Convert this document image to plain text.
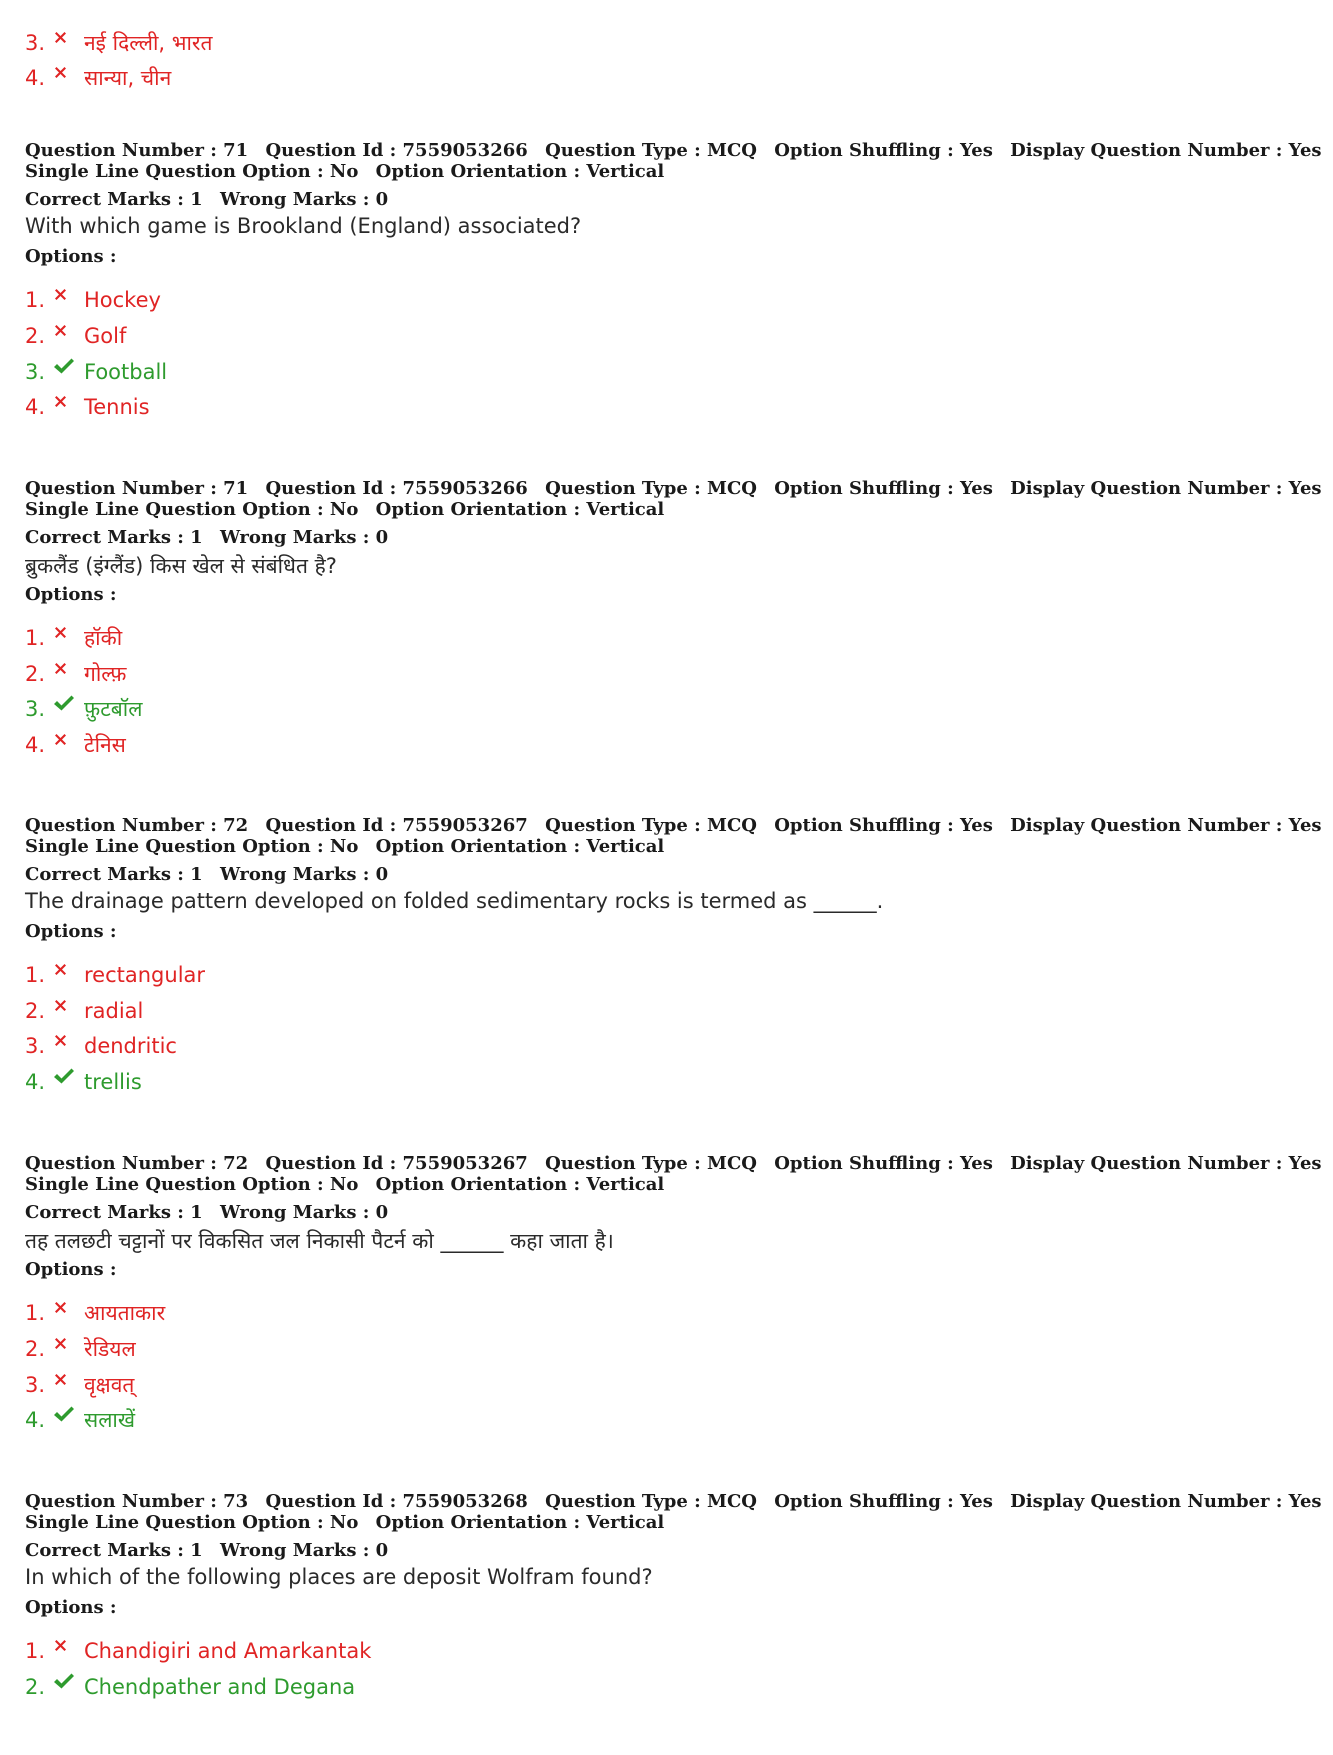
3.	नई दिल्ली, भारत
4.	सान्या, चीन
Question Number : 71 Question Id : 7559053266 Question Type : MCQ Option Shuffling : Yes Display Question Number : Yes
Single Line Question Option : No Option Orientation : Vertical
Correct Marks : 1 Wrong Marks : 0
With which game is Brookland (England) associated?
Options :
1.	Hockey
2.	Golf
3.	Football
4.	Tennis
Question Number : 71 Question Id : 7559053266 Question Type : MCQ Option Shuffling : Yes Display Question Number : Yes
Single Line Question Option : No Option Orientation : Vertical
Correct Marks : 1 Wrong Marks : 0
ब्रुकलैंड (इंग्लैंड) किस खेल से संबंधित है?
Options :
1.	हॉकी
2.	गोल्फ़
3.	फ़ुटबॉल
4.	टेनिस
Question Number : 72 Question Id : 7559053267 Question Type : MCQ Option Shuffling : Yes Display Question Number : Yes
Single Line Question Option : No Option Orientation : Vertical
Correct Marks : 1 Wrong Marks : 0
The drainage pattern developed on folded sedimentary rocks is termed as ______.
Options :
1.	rectangular
2.	radial
3.	dendritic
4.	trellis
Question Number : 72 Question Id : 7559053267 Question Type : MCQ Option Shuffling : Yes Display Question Number : Yes
Single Line Question Option : No Option Orientation : Vertical
Correct Marks : 1 Wrong Marks : 0
तह तलछटी चट्टानों पर विकसित जल निकासी पैटर्न को ______ कहा जाता है।
Options :
1.	आयताकार
2.	रेडियल
3.	वृक्षवत्
4.	सलाखें
Question Number : 73 Question Id : 7559053268 Question Type : MCQ Option Shuffling : Yes Display Question Number : Yes
Single Line Question Option : No Option Orientation : Vertical
Correct Marks : 1 Wrong Marks : 0
In which of the following places are deposit Wolfram found?
Options :
1.	Chandigiri and Amarkantak
2.	Chendpather and Degana
